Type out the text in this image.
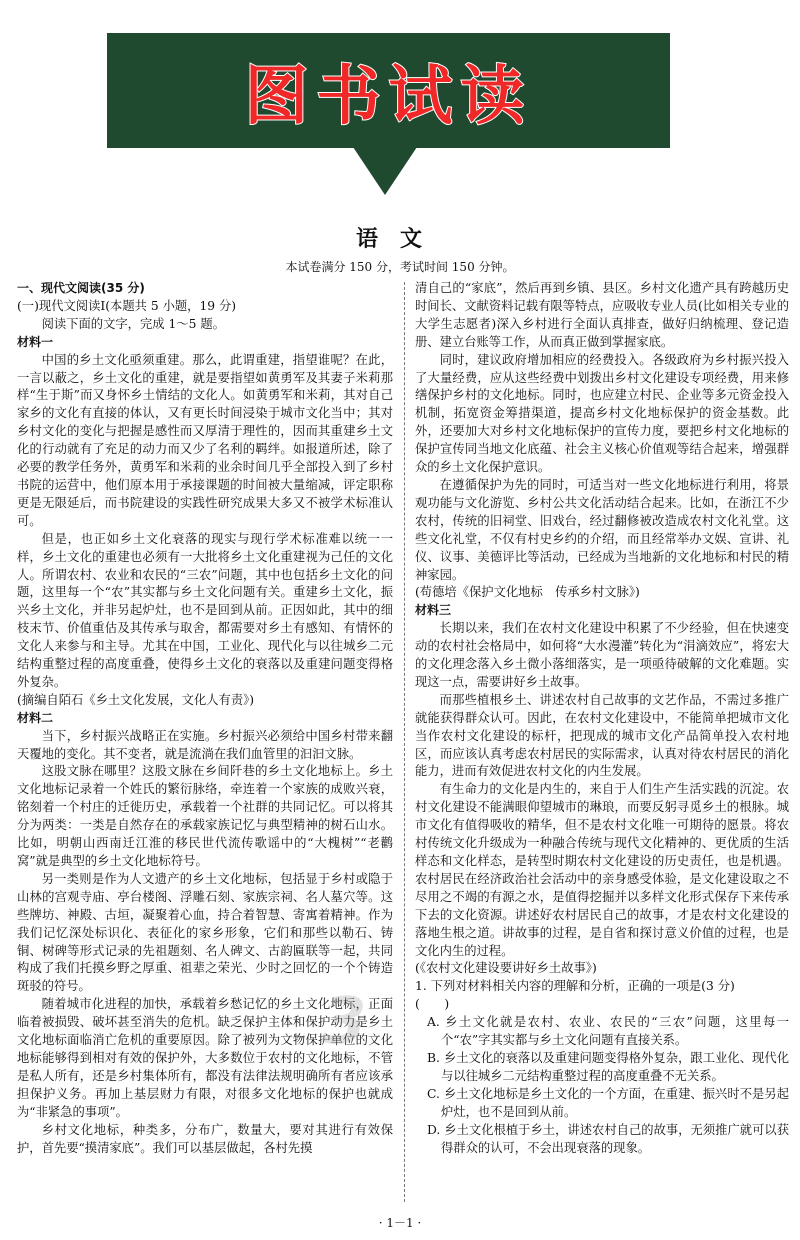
图书试读
语文
本试卷满分 150 分，考试时间 150 分钟。

一、现代文阅读(35 分)

(一)现代文阅读Ⅰ(本题共 5 小题，19 分)

阅读下面的文字，完成 1～5 题。

材料一

中国的乡土文化亟须重建。那么，此谓重建，指望谁呢？在此，一言以蔽之，乡土文化的重建，就是要指望如黄勇军及其妻子米莉那样“生于斯”而又身怀乡土情结的文化人。如黄勇军和米莉，其对自己家乡的文化有直接的体认，又有更长时间浸染于城市文化当中；其对乡村文化的变化与把握是感性而又厚清于理性的，因而其重建乡土文化的行动就有了充足的动力而又少了名利的羁绊。如报道所述，除了必要的教学任务外，黄勇军和米莉的业余时间几乎全部投入到了乡村书院的运营中，他们原本用于承接课题的时间被大量缩减，评定职称更是无限延后，而书院建设的实践性研究成果大多又不被学术标准认可。

但是，也正如乡土文化衰落的现实与现行学术标准难以统一一样，乡土文化的重建也必须有一大批将乡土文化重建视为己任的文化人。所谓农村、农业和农民的“三农”问题，其中也包括乡土文化的问题，这里每一个“农”其实都与乡土文化问题有关。重建乡土文化，振兴乡土文化，并非另起炉灶，也不是回到从前。正因如此，其中的细枝末节、价值重估及其传承与取舍，都需要对乡土有感知、有情怀的文化人来参与和主导。尤其在中国，工业化、现代化与以往城乡二元结构重整过程的高度重叠，使得乡土文化的衰落以及重建问题变得格外复杂。

(摘编自陌石《乡土文化发展，文化人有责》)

材料二

当下，乡村振兴战略正在实施。乡村振兴必须给中国乡村带来翻天覆地的变化。其不变者，就是流淌在我们血管里的汩汩文脉。

这股文脉在哪里？这股文脉在乡间阡巷的乡土文化地标上。乡土文化地标记录着一个姓氏的繁衍脉络，牵连着一个家族的成败兴衰，铭刻着一个村庄的迁徙历史，承载着一个社群的共同记忆。可以将其分为两类：一类是自然存在的承载家族记忆与典型精神的树石山水。比如，明朝山西南迁江淮的移民世代流传歌谣中的“大槐树”“老鹳窝”就是典型的乡土文化地标符号。

另一类则是作为人文遗产的乡土文化地标，包括显于乡村或隐于山林的宫观寺庙、亭台楼阁、浮雕石刻、家族宗祠、名人墓穴等。这些牌坊、神殿、古垣，凝聚着心血，持合着智慧、寄寓着精神。作为我们记忆深处标识化、表征化的家乡形象，它们和那些以勒石、铸铜、树碑等形式记录的先祖题刻、名人碑文、古韵匾联等一起，共同构成了我们托摸乡野之厚重、祖辈之荣光、少时之回忆的一个个铸造斑驳的符号。

随着城市化进程的加快，承载着乡愁记忆的乡土文化地标，正面临着被损毁、破坏甚至消失的危机。缺乏保护主体和保护动力是乡土文化地标面临消亡危机的重要原因。除了被列为文物保护单位的文化地标能够得到相对有效的保护外，大多数位于农村的文化地标，不管是私人所有，还是乡村集体所有，都没有法律法规明确所有者应该承担保护义务。再加上基层财力有限，对很多文化地标的保护也就成为“非紧急的事项”。

乡村文化地标，种类多，分布广，数量大，要对其进行有效保护，首先要“摸清家底”。我们可以基层做起，各村先摸

清自己的“家底”，然后再到乡镇、县区。乡村文化遗产具有跨越历史时间长、文献资料记载有限等特点，应吸收专业人员(比如相关专业的大学生志愿者)深入乡村进行全面认真排查，做好归纳梳理、登记造册、建立台账等工作，从而真正做到掌握家底。

同时，建议政府增加相应的经费投入。各级政府为乡村振兴投入了大量经费，应从这些经费中划拨出乡村文化建设专项经费，用来修缮保护乡村的文化地标。同时，也应建立村民、企业等多元资金投入机制，拓宽资金筹措渠道，提高乡村文化地标保护的资金基数。此外，还要加大对乡村文化地标保护的宣传力度，要把乡村文化地标的保护宣传同当地文化底蕴、社会主义核心价值观等结合起来，增强群众的乡土文化保护意识。

在遵循保护为先的同时，可适当对一些文化地标进行利用，将景观功能与文化游览、乡村公共文化活动结合起来。比如，在浙江不少农村，传统的旧祠堂、旧戏台，经过翻修被改造成农村文化礼堂。这些文化礼堂，不仅有村史乡约的介绍，而且经常举办文娱、宣讲、礼仪、议事、美德评比等活动，已经成为当地新的文化地标和村民的精神家园。

(苟德培《保护文化地标　传承乡村文脉》)

材料三

长期以来，我们在农村文化建设中积累了不少经验，但在快速变动的农村社会格局中，如何将“大水漫灌”转化为“涓滴效应”，将宏大的文化理念落入乡土微小落细落实，是一项亟待破解的文化难题。实现这一点，需要讲好乡土故事。

而那些植根乡土、讲述农村自己故事的文艺作品，不需过多推广就能获得群众认可。因此，在农村文化建设中，不能简单把城市文化当作农村文化建设的标杆，把现成的城市文化产品简单投入农村地区，而应该认真考虑农村居民的实际需求，认真对待农村居民的消化能力，进而有效促进农村文化的内生发展。

有生命力的文化是内生的，来自于人们生产生活实践的沉淀。农村文化建设不能满眼仰望城市的琳琅，而要反躬寻觅乡土的根脉。城市文化有值得吸收的精华，但不是农村文化唯一可期待的愿景。将农村传统文化升级成为一种融合传统与现代文化精神的、更优质的生活样态和文化样态，是转型时期农村文化建设的历史责任，也是机遇。农村居民在经济政治社会活动中的亲身感受体验，是文化建设取之不尽用之不竭的有源之水，是值得挖掘并以多样文化形式保存下来传承下去的文化资源。讲述好农村居民自己的故事，才是农村文化建设的落地生根之道。讲故事的过程，是自省和探讨意义价值的过程，也是文化内生的过程。

(《农村文化建设要讲好乡土故事》)

1. 下列对材料相关内容的理解和分析，正确的一项是(3 分)

(　　)

A. 乡土文化就是农村、农业、农民的“三农”问题，这里每一个“农”字其实都与乡土文化问题有直接关系。

B. 乡土文化的衰落以及重建问题变得格外复杂，跟工业化、现代化与以往城乡二元结构重整过程的高度重叠不无关系。

C. 乡土文化地标是乡土文化的一个方面，在重建、振兴时不是另起炉灶，也不是回到从前。

D. 乡土文化根植于乡土，讲述农村自己的故事，无须推广就可以获得群众的认可，不会出现衰落的现象。

3
· 1－1 ·
